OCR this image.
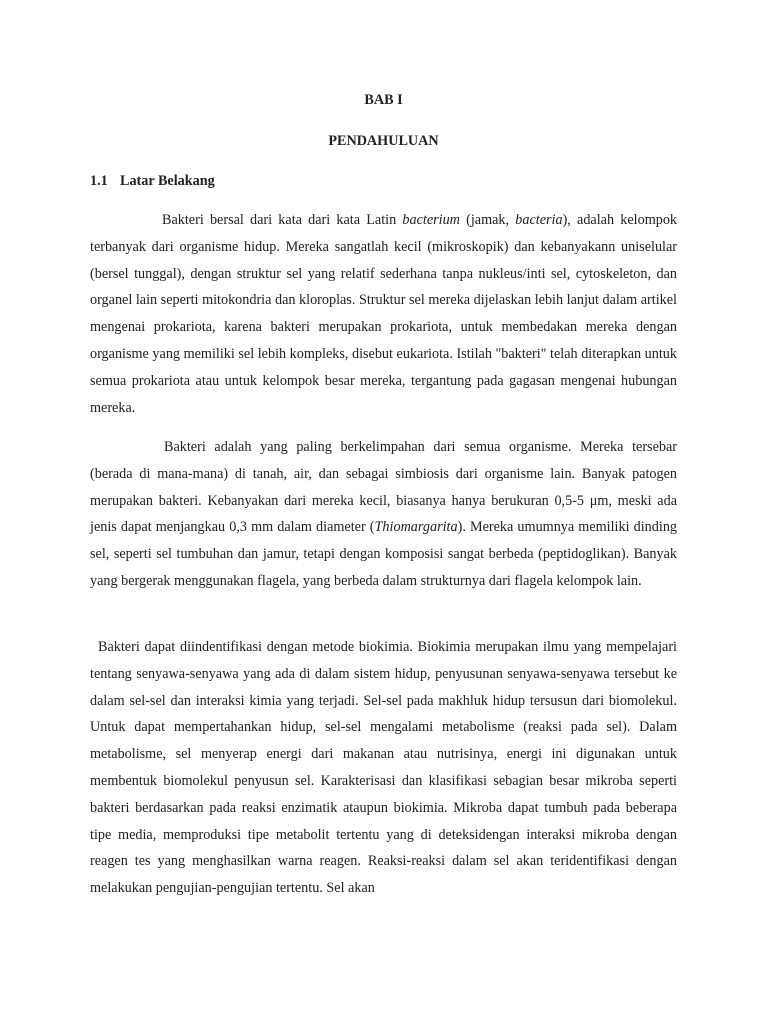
BAB I
PENDAHULUAN
1.1 Latar Belakang
Bakteri bersal dari kata dari kata Latin bacterium (jamak, bacteria), adalah kelompok terbanyak dari organisme hidup. Mereka sangatlah kecil (mikroskopik) dan kebanyakann uniselular (bersel tunggal), dengan struktur sel yang relatif sederhana tanpa nukleus/inti sel, cytoskeleton, dan organel lain seperti mitokondria dan kloroplas. Struktur sel mereka dijelaskan lebih lanjut dalam artikel mengenai prokariota, karena bakteri merupakan prokariota, untuk membedakan mereka dengan organisme yang memiliki sel lebih kompleks, disebut eukariota. Istilah "bakteri" telah diterapkan untuk semua prokariota atau untuk kelompok besar mereka, tergantung pada gagasan mengenai hubungan mereka.
Bakteri adalah yang paling berkelimpahan dari semua organisme. Mereka tersebar (berada di mana-mana) di tanah, air, dan sebagai simbiosis dari organisme lain. Banyak patogen merupakan bakteri. Kebanyakan dari mereka kecil, biasanya hanya berukuran 0,5-5 μm, meski ada jenis dapat menjangkau 0,3 mm dalam diameter (Thiomargarita). Mereka umumnya memiliki dinding sel, seperti sel tumbuhan dan jamur, tetapi dengan komposisi sangat berbeda (peptidoglikan). Banyak yang bergerak menggunakan flagela, yang berbeda dalam strukturnya dari flagela kelompok lain.
Bakteri dapat diindentifikasi dengan metode biokimia. Biokimia merupakan ilmu yang mempelajari tentang senyawa-senyawa yang ada di dalam sistem hidup, penyusunan senyawa-senyawa tersebut ke dalam sel-sel dan interaksi kimia yang terjadi. Sel-sel pada makhluk hidup tersusun dari biomolekul. Untuk dapat mempertahankan hidup, sel-sel mengalami metabolisme (reaksi pada sel). Dalam metabolisme, sel menyerap energi dari makanan atau nutrisinya, energi ini digunakan untuk membentuk biomolekul penyusun sel. Karakterisasi dan klasifikasi sebagian besar mikroba seperti bakteri berdasarkan pada reaksi enzimatik ataupun biokimia. Mikroba dapat tumbuh pada beberapa tipe media, memproduksi tipe metabolit tertentu yang di deteksidengan interaksi mikroba dengan reagen tes yang menghasilkan warna reagen. Reaksi-reaksi dalam sel akan teridentifikasi dengan melakukan pengujian-pengujian tertentu. Sel akan
